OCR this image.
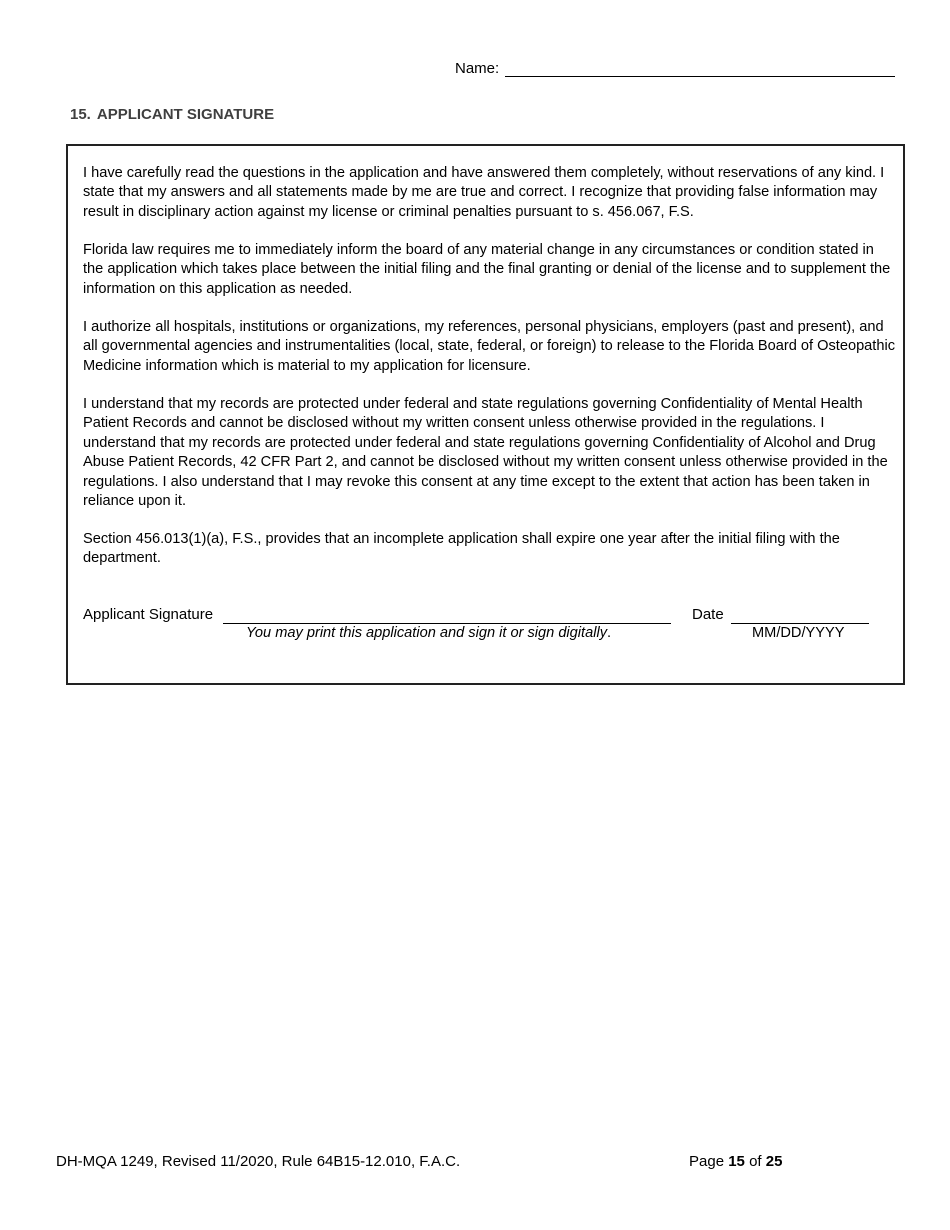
Name:
15. APPLICANT SIGNATURE

I have carefully read the questions in the application and have answered them completely, without reservations of any kind. I state that my answers and all statements made by me are true and correct. I recognize that providing false information may result in disciplinary action against my license or criminal penalties pursuant to s. 456.067, F.S.

Florida law requires me to immediately inform the board of any material change in any circumstances or condition stated in the application which takes place between the initial filing and the final granting or denial of the license and to supplement the information on this application as needed.

I authorize all hospitals, institutions or organizations, my references, personal physicians, employers (past and present), and all governmental agencies and instrumentalities (local, state, federal, or foreign) to release to the Florida Board of Osteopathic Medicine information which is material to my application for licensure.

I understand that my records are protected under federal and state regulations governing Confidentiality of Mental Health Patient Records and cannot be disclosed without my written consent unless otherwise provided in the regulations. I understand that my records are protected under federal and state regulations governing Confidentiality of Alcohol and Drug Abuse Patient Records, 42 CFR Part 2, and cannot be disclosed without my written consent unless otherwise provided in the regulations. I also understand that I may revoke this consent at any time except to the extent that action has been taken in reliance upon it.

Section 456.013(1)(a), F.S., provides that an incomplete application shall expire one year after the initial filing with the department.

Applicant Signature	Date
You may print this application and sign it or sign digitally.	MM/DD/YYYY
DH-MQA 1249, Revised 11/2020, Rule 64B15-12.010, F.A.C.	Page 15 of 25
